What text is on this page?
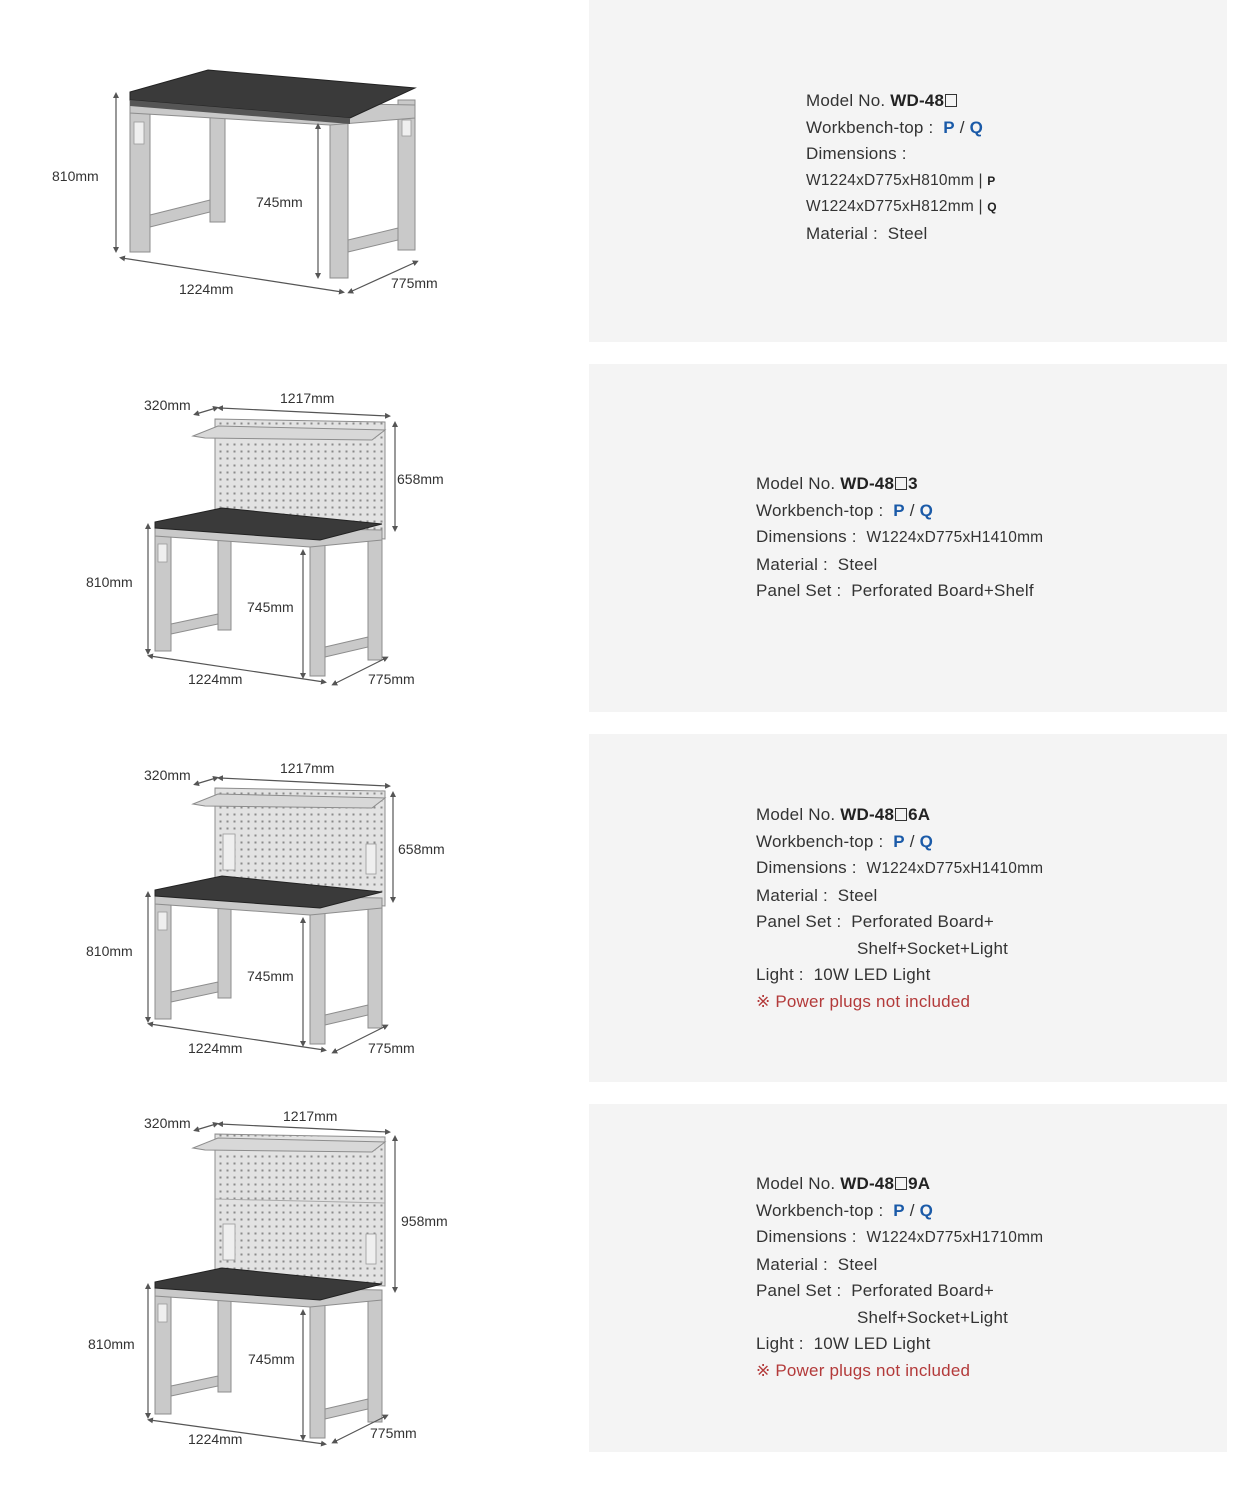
810mm
745mm
1224mm	775mm
Model No. WD-48
Workbench-top : P / Q
Dimensions :
W1224xD775xH810mm | P
W1224xD775xH812mm | Q
Material : Steel
810mm
745mm
1224mm	775mm
658mm
1217mm
320mm
Model No. WD-48 3
Workbench-top : P / Q
Dimensions : W1224xD775xH1410mm
Material : Steel
Panel Set : Perforated Board+Shelf
810mm
745mm
1224mm	775mm
658mm
1217mm
320mm
Model No. WD-48 6A
Workbench-top : P / Q
Dimensions : W1224xD775xH1410mm
Material : Steel
Panel Set : Perforated Board+
Shelf+Socket+Light
Light : 10W LED Light
※ Power plugs not included
810mm
745mm
1224mm	775mm
958mm
1217mm
320mm
Model No. WD-48 9A
Workbench-top : P / Q
Dimensions : W1224xD775xH1710mm
Material : Steel
Panel Set : Perforated Board+
Shelf+Socket+Light
Light : 10W LED Light
※ Power plugs not included
